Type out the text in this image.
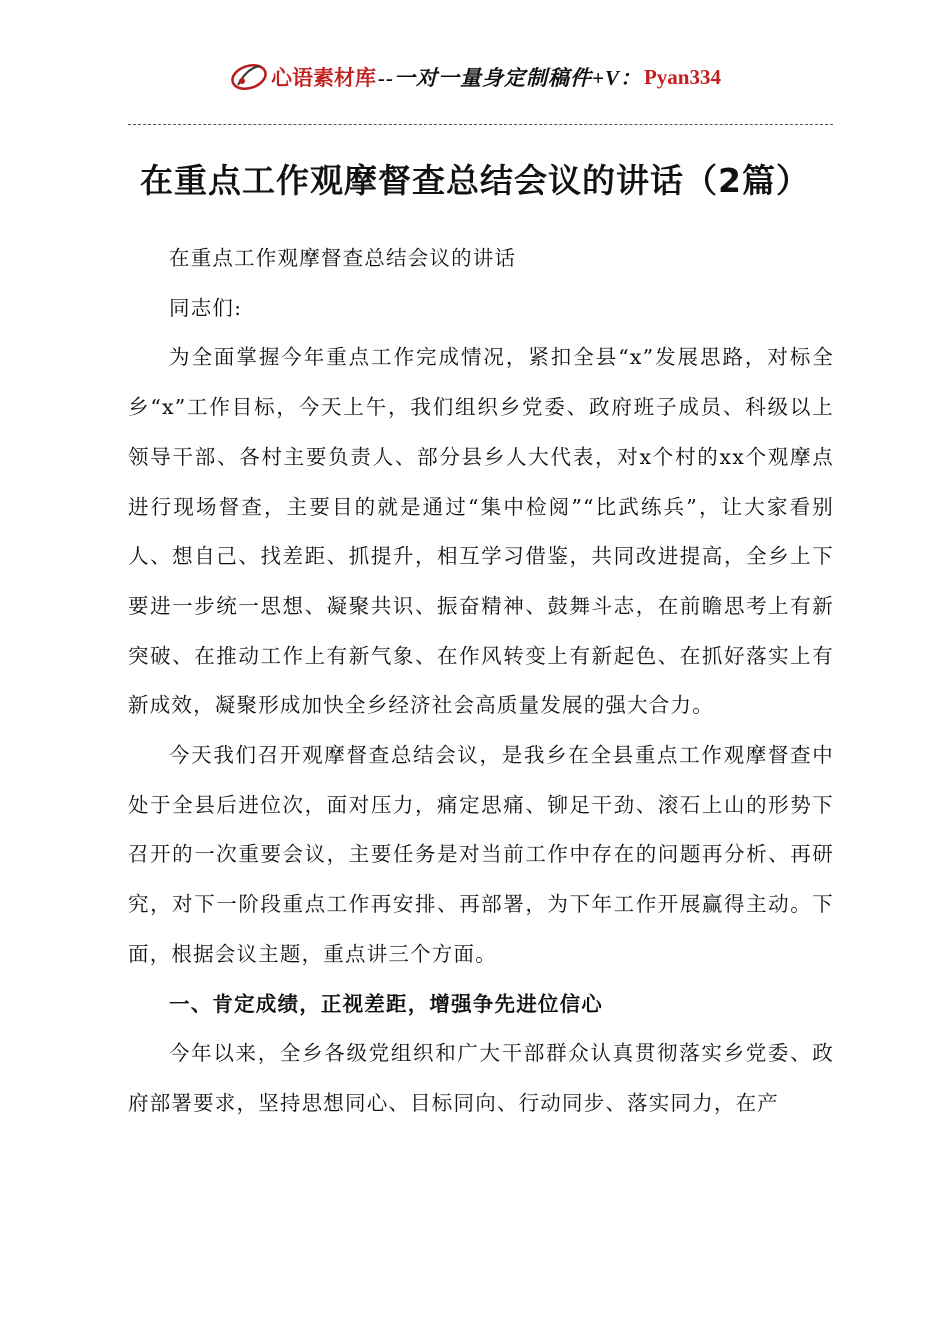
心语素材库 --一对一量身定制稿件+V： Pyan334
在重点工作观摩督查总结会议的讲话（2篇）

在重点工作观摩督查总结会议的讲话

同志们:

为全面掌握今年重点工作完成情况，紧扣全县“x”发展思路，对标全乡“x”工作目标，今天上午，我们组织乡党委、政府班子成员、科级以上领导干部、各村主要负责人、部分县乡人大代表，对x个村的xx个观摩点进行现场督查，主要目的就是通过“集中检阅”“比武练兵”，让大家看别人、想自己、找差距、抓提升，相互学习借鉴，共同改进提高，全乡上下要进一步统一思想、凝聚共识、振奋精神、鼓舞斗志，在前瞻思考上有新突破、在推动工作上有新气象、在作风转变上有新起色、在抓好落实上有新成效，凝聚形成加快全乡经济社会高质量发展的强大合力。

今天我们召开观摩督查总结会议，是我乡在全县重点工作观摩督查中处于全县后进位次，面对压力，痛定思痛、铆足干劲、滚石上山的形势下召开的一次重要会议，主要任务是对当前工作中存在的问题再分析、再研究，对下一阶段重点工作再安排、再部署，为下年工作开展赢得主动。下面，根据会议主题，重点讲三个方面。

一、肯定成绩，正视差距，增强争先进位信心

今年以来，全乡各级党组织和广大干部群众认真贯彻落实乡党委、政府部署要求，坚持思想同心、目标同向、行动同步、落实同力，在产
